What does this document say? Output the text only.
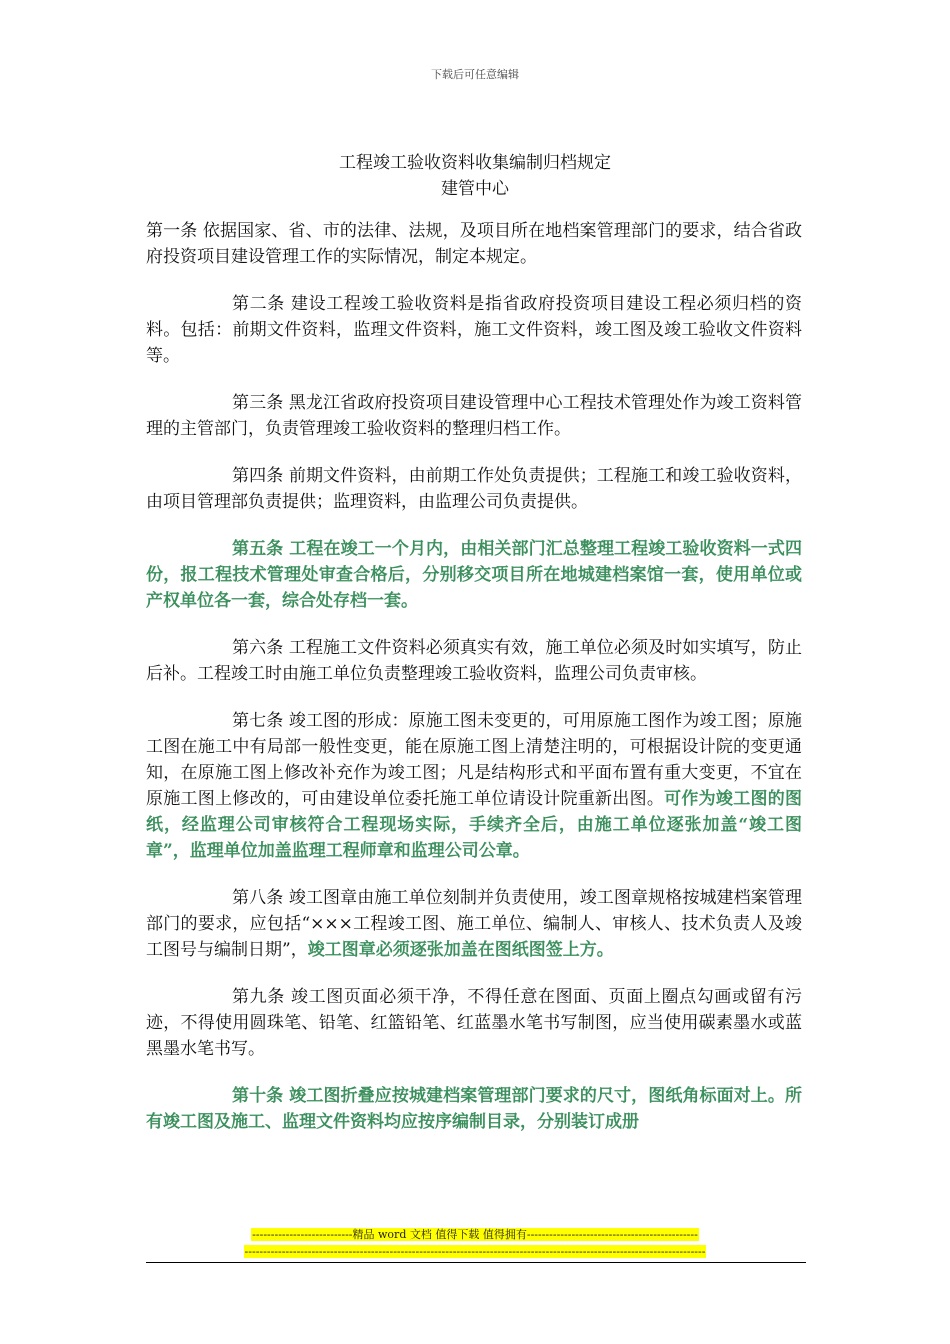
下载后可任意编辑
工程竣工验收资料收集编制归档规定
建管中心

第一条 依据国家、省、市的法律、法规，及项目所在地档案管理部门的要求，结合省政府投资项目建设管理工作的实际情况，制定本规定。

第二条 建设工程竣工验收资料是指省政府投资项目建设工程必须归档的资料。包括：前期文件资料，监理文件资料，施工文件资料，竣工图及竣工验收文件资料等。

第三条 黑龙江省政府投资项目建设管理中心工程技术管理处作为竣工资料管理的主管部门，负责管理竣工验收资料的整理归档工作。

第四条 前期文件资料，由前期工作处负责提供；工程施工和竣工验收资料，由项目管理部负责提供；监理资料，由监理公司负责提供。

第五条 工程在竣工一个月内，由相关部门汇总整理工程竣工验收资料一式四份，报工程技术管理处审查合格后，分别移交项目所在地城建档案馆一套，使用单位或产权单位各一套，综合处存档一套。

第六条 工程施工文件资料必须真实有效，施工单位必须及时如实填写，防止后补。工程竣工时由施工单位负责整理竣工验收资料，监理公司负责审核。

第七条 竣工图的形成：原施工图未变更的，可用原施工图作为竣工图；原施工图在施工中有局部一般性变更，能在原施工图上清楚注明的，可根据设计院的变更通知，在原施工图上修改补充作为竣工图；凡是结构形式和平面布置有重大变更，不宜在原施工图上修改的，可由建设单位委托施工单位请设计院重新出图。可作为竣工图的图纸，经监理公司审核符合工程现场实际，手续齐全后，由施工单位逐张加盖“竣工图章”，监理单位加盖监理工程师章和监理公司公章。

第八条 竣工图章由施工单位刻制并负责使用，竣工图章规格按城建档案管理部门的要求，应包括“×××工程竣工图、施工单位、编制人、审核人、技术负责人及竣工图号与编制日期”，竣工图章必须逐张加盖在图纸图签上方。

第九条 竣工图页面必须干净，不得任意在图面、页面上圈点勾画或留有污迹，不得使用圆珠笔、铅笔、红篮铅笔、红蓝墨水笔书写制图，应当使用碳素墨水或蓝黑墨水笔书写。

第十条 竣工图折叠应按城建档案管理部门要求的尺寸，图纸角标面对上。所有竣工图及施工、监理文件资料均应按序编制目录，分别装订成册

---------------------------精品 word 文档 值得下载 值得拥有----------------------------------------------
----------------------------------------------------------------------------------------------------------------------------
